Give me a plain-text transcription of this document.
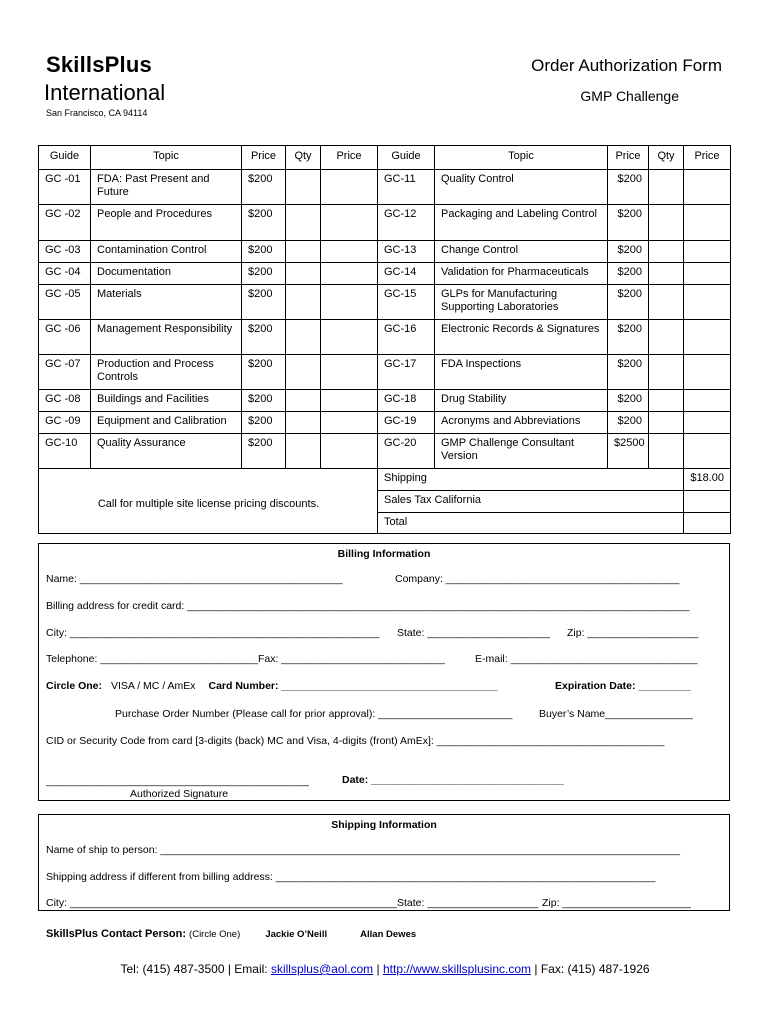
SkillsPlus
International
San Francisco, CA 94114
Order Authorization Form
GMP Challenge
Guide	Topic	Price	Qty	Price	Guide	Topic	Price	Qty	Price
GC -01	FDA: Past Present and Future	$200			GC-11	Quality Control	$200		
GC -02	People and Procedures	$200			GC-12	Packaging and Labeling Control	$200		
GC -03	Contamination Control	$200			GC-13	Change Control	$200		
GC -04	Documentation	$200			GC-14	Validation for Pharmaceuticals	$200		
GC -05	Materials	$200			GC-15	GLPs for Manufacturing Supporting Laboratories	$200		
GC -06	Management Responsibility	$200			GC-16	Electronic Records & Signatures	$200		
GC -07	Production and Process Controls	$200			GC-17	FDA Inspections	$200		
GC -08	Buildings and Facilities	$200			GC-18	Drug Stability	$200		
GC -09	Equipment and Calibration	$200			GC-19	Acronyms and Abbreviations	$200		
GC-10	Quality Assurance	$200			GC-20	GMP Challenge Consultant Version	$2500		
Call for multiple site license pricing discounts.					Shipping				$18.00
					Sales Tax California				
					Total				
Billing Information
Name: _____________________________________________	Company: ________________________________________
Billing address for credit card: ______________________________________________________________________________________
City: _____________________________________________________ State: _____________________ Zip: ___________________
Telephone: ___________________________Fax: ____________________________	E-mail: ________________________________
Circle One: VISA / MC / AmEx Card Number: _____________________________________	Expiration Date: _________
Purchase Order Number (Please call for prior approval): _______________________	Buyer’s Name_______________
CID or Security Code from card [3-digits (back) MC and Visa, 4-digits (front) AmEx]: _______________________________________
_____________________________________________	Date: _________________________________
Authorized Signature
Shipping Information
Name of ship to person: _________________________________________________________________________________________
Shipping address if different from billing address: _________________________________________________________________
City: ________________________________________________________ State: ___________________ Zip: ______________________
SkillsPlus Contact Person: (Circle One)	Jackie O’Neill	Allan Dewes
Tel: (415) 487-3500 | Email: skillsplus@aol.com | http://www.skillsplusinc.com | Fax: (415) 487-1926
